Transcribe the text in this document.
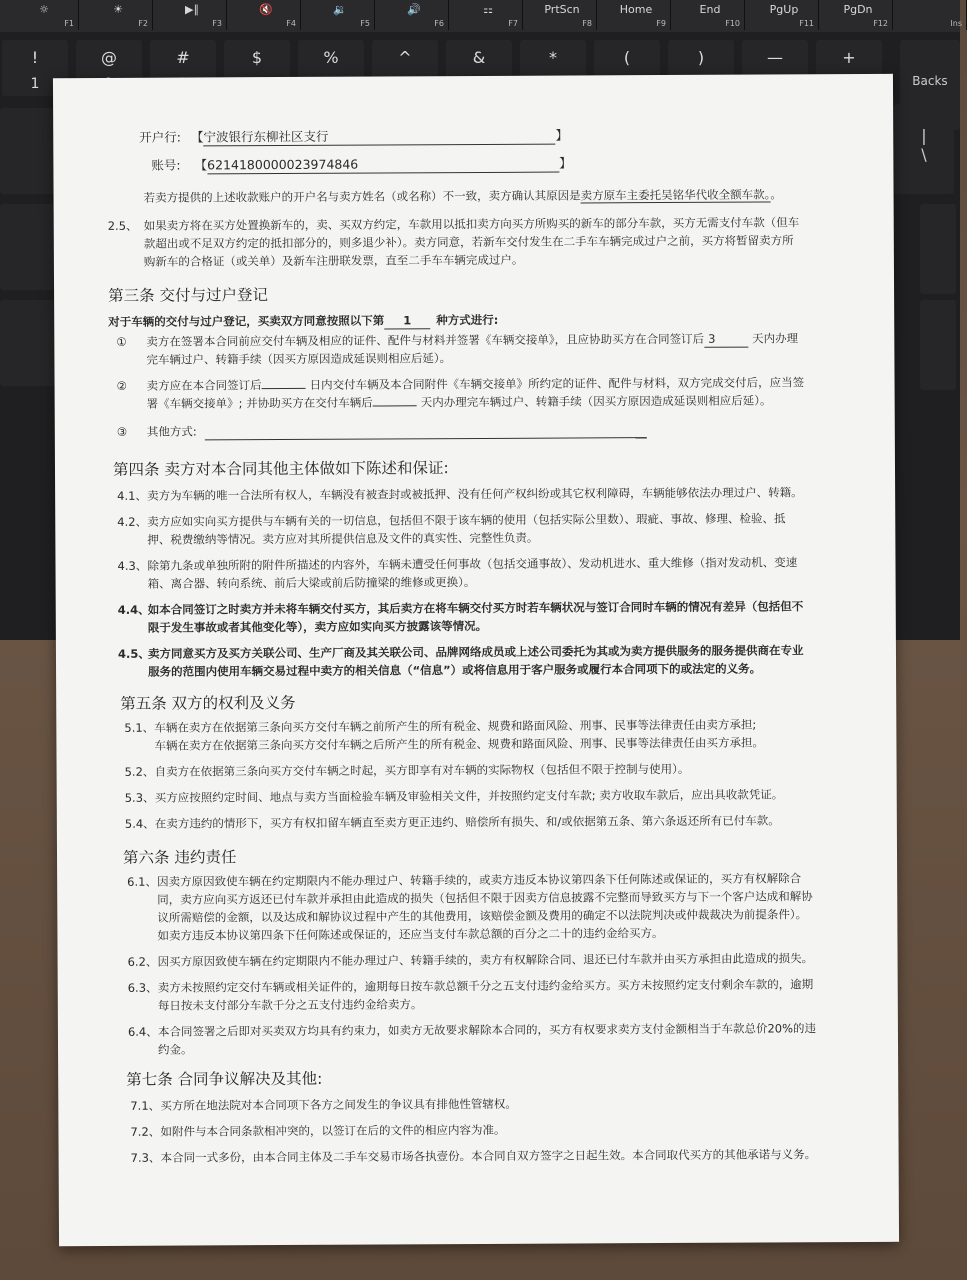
☼
F1
☀
F2
▶∥
F3
🔇
F4
🔉
F5
🔊
F6
⚏
F7
PrtScn
F8
Home
F9
End
F10
PgUp
F11
PgDn
F12	Ins
!
1
@	#	$	%	^	&	*	(	)	—	+
Backs
|
\
开户行: 【宁波银行东柳社区支行	】
账号: 【6214180000023974846	】
若卖方提供的上述收款账户的开户名与卖方姓名（或名称）不一致，卖方确认其原因是卖方原车主委托吴铭华代收全额车款。。
2.5、 如果卖方将在买方处置换新车的，卖、买双方约定，车款用以抵扣卖方向买方所购买的新车的部分车款，买方无需支付车款（但车
款超出或不足双方约定的抵扣部分的，则多退少补）。卖方同意，若新车交付发生在二手车车辆完成过户之前，买方将暂留卖方所
购新车的合格证（或关单）及新车注册联发票，直至二手车车辆完成过户。
第三条 交付与过户登记
对于车辆的交付与过户登记，买卖双方同意按照以下第 1 种方式进行:
① 卖方在签署本合同前应交付车辆及相应的证件、配件与材料并签署《车辆交接单》，且应协助买方在合同签订后 3	天内办理
完车辆过户、转籍手续（因买方原因造成延误则相应后延）。
② 卖方应在本合同签订后	日内交付车辆及本合同附件《车辆交接单》所约定的证件、配件与材料，双方完成交付后，应当签
署《车辆交接单》; 并协助买方在交付车辆后	天内办理完车辆过户、转籍手续（因买方原因造成延误则相应后延）。
③ 其他方式:
第四条 卖方对本合同其他主体做如下陈述和保证:
4.1、 卖方为车辆的唯一合法所有权人，车辆没有被查封或被抵押、没有任何产权纠纷或其它权利障碍，车辆能够依法办理过户、转籍。
4.2、 卖方应如实向买方提供与车辆有关的一切信息，包括但不限于该车辆的使用（包括实际公里数）、瑕疵、事故、修理、检验、抵
押、税费缴纳等情况。卖方应对其所提供信息及文件的真实性、完整性负责。
4.3、 除第九条或单独所附的附件所描述的内容外，车辆未遭受任何事故（包括交通事故）、发动机进水、重大维修（指对发动机、变速
箱、离合器、转向系统、前后大梁或前后防撞梁的维修或更换）。
4.4、
如本合同签订之时卖方并未将车辆交付买方，其后卖方在将车辆交付买方时若车辆状况与签订合同时车辆的情况有差异（包括但不
限于发生事故或者其他变化等），卖方应如实向买方披露该等情况。
4.5、
卖方同意买方及买方关联公司、生产厂商及其关联公司、品牌网络成员或上述公司委托为其或为卖方提供服务的服务提供商在专业
服务的范围内使用车辆交易过程中卖方的相关信息（“信息”）或将信息用于客户服务或履行本合同项下的或法定的义务。
第五条 双方的权利及义务
5.1、 车辆在卖方在依据第三条向买方交付车辆之前所产生的所有税金、规费和路面风险、刑事、民事等法律责任由卖方承担;
车辆在卖方在依据第三条向买方交付车辆之后所产生的所有税金、规费和路面风险、刑事、民事等法律责任由买方承担。
5.2、 自卖方在依据第三条向买方交付车辆之时起，买方即享有对车辆的实际物权（包括但不限于控制与使用）。
5.3、 买方应按照约定时间、地点与卖方当面检验车辆及审验相关文件，并按照约定支付车款; 卖方收取车款后，应出具收款凭证。
5.4、 在卖方违约的情形下，买方有权扣留车辆直至卖方更正违约、赔偿所有损失、和/或依据第五条、第六条返还所有已付车款。
第六条 违约责任
6.1、 因卖方原因致使车辆在约定期限内不能办理过户、转籍手续的，或卖方违反本协议第四条下任何陈述或保证的，买方有权解除合
同，卖方应向买方返还已付车款并承担由此造成的损失（包括但不限于因卖方信息披露不完整而导致买方与下一个客户达成和解协
议所需赔偿的金额，以及达成和解协议过程中产生的其他费用，该赔偿金额及费用的确定不以法院判决或仲裁裁决为前提条件）。
如卖方违反本协议第四条下任何陈述或保证的，还应当支付车款总额的百分之二十的违约金给买方。
6.2、 因买方原因致使车辆在约定期限内不能办理过户、转籍手续的，卖方有权解除合同、退还已付车款并由买方承担由此造成的损失。
6.3、 卖方未按照约定交付车辆或相关证件的，逾期每日按车款总额千分之五支付违约金给买方。买方未按照约定支付剩余车款的，逾期
每日按未支付部分车款千分之五支付违约金给卖方。
6.4、 本合同签署之后即对买卖双方均具有约束力，如卖方无故要求解除本合同的，买方有权要求卖方支付金额相当于车款总价20%的违
约金。
第七条 合同争议解决及其他:
7.1、 买方所在地法院对本合同项下各方之间发生的争议具有排他性管辖权。
7.2、 如附件与本合同条款相冲突的，以签订在后的文件的相应内容为准。
7.3、 本合同一式多份，由本合同主体及二手车交易市场各执壹份。本合同自双方签字之日起生效。本合同取代买方的其他承诺与义务。
